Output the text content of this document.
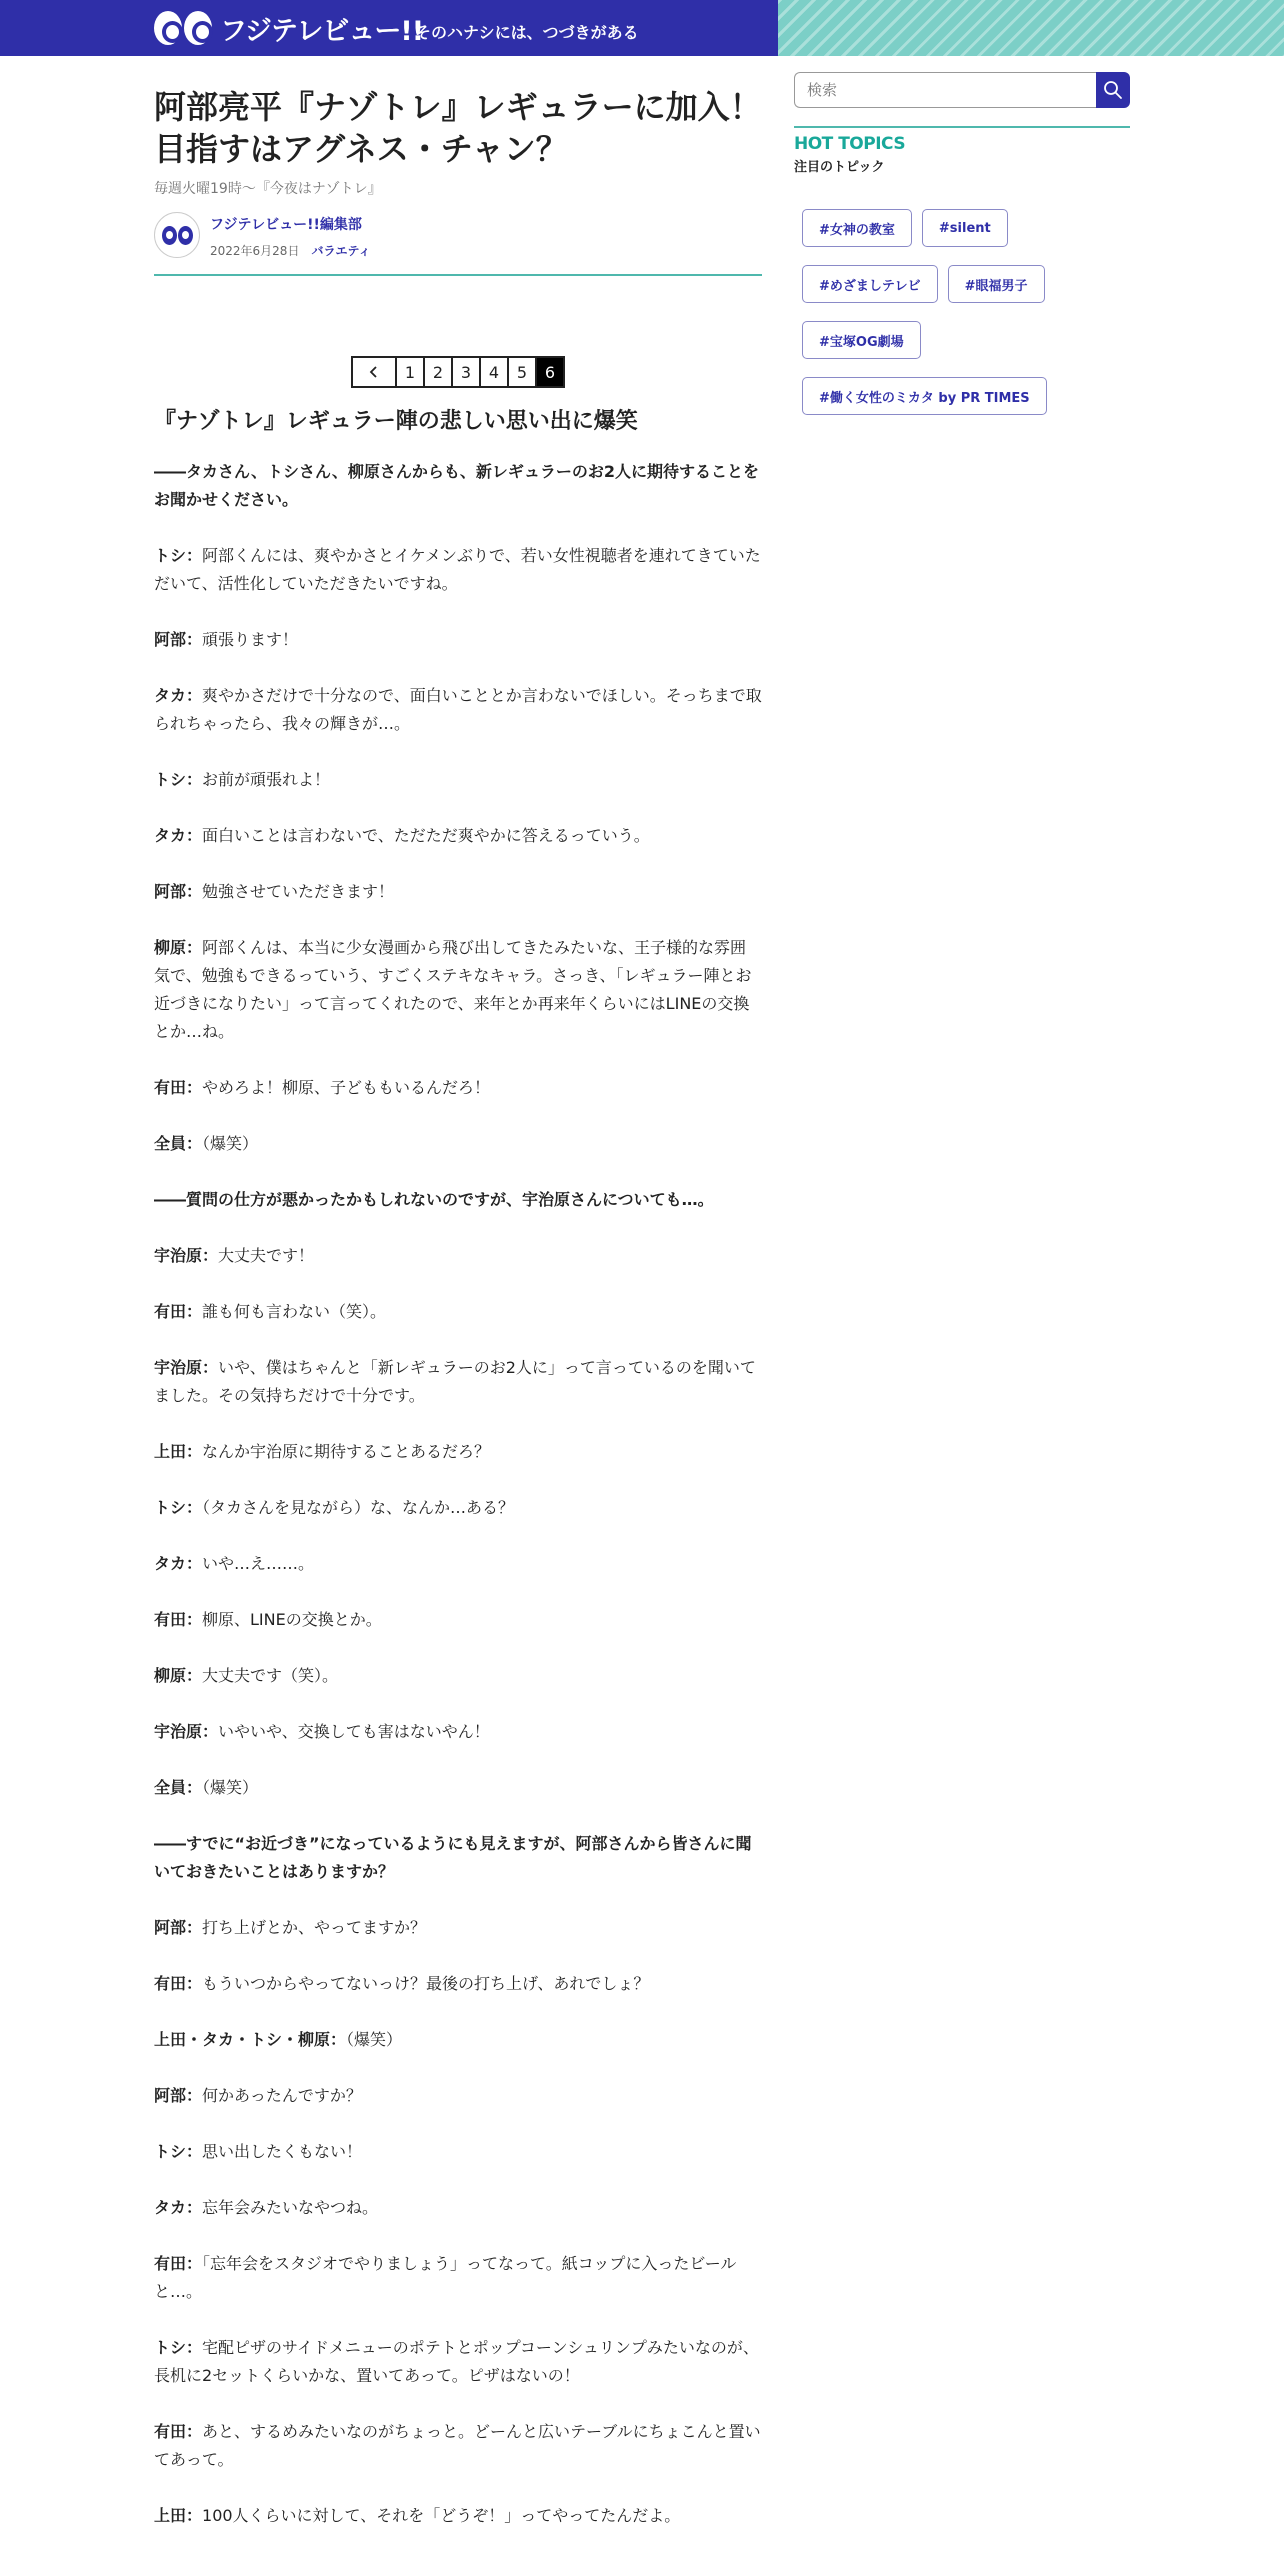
フジテレビュー!!
そのハナシには、つづきがある
阿部亮平『ナゾトレ』レギュラーに加入！目指すはアグネス・チャン？
毎週火曜19時～『今夜はナゾトレ』
フジテレビュー!!編集部
2022年6月28日 バラエティ
1	2	3	4	5	6
『ナゾトレ』レギュラー陣の悲しい思い出に爆笑

――タカさん、トシさん、柳原さんからも、新レギュラーのお2人に期待することをお聞かせください。

トシ：阿部くんには、爽やかさとイケメンぶりで、若い女性視聴者を連れてきていただいて、活性化していただきたいですね。

阿部：頑張ります！

タカ：爽やかさだけで十分なので、面白いこととか言わないでほしい。そっちまで取られちゃったら、我々の輝きが…。

トシ：お前が頑張れよ！

タカ：面白いことは言わないで、ただただ爽やかに答えるっていう。

阿部：勉強させていただきます！

柳原：阿部くんは、本当に少女漫画から飛び出してきたみたいな、王子様的な雰囲気で、勉強もできるっていう、すごくステキなキャラ。さっき、「レギュラー陣とお近づきになりたい」って言ってくれたので、来年とか再来年くらいにはLINEの交換とか…ね。

有田：やめろよ！柳原、子どももいるんだろ！

全員：（爆笑）

――質問の仕方が悪かったかもしれないのですが、宇治原さんについても…。

宇治原：大丈夫です！

有田：誰も何も言わない（笑）。

宇治原：いや、僕はちゃんと「新レギュラーのお2人に」って言っているのを聞いてました。その気持ちだけで十分です。

上田：なんか宇治原に期待することあるだろ？

トシ：（タカさんを見ながら）な、なんか…ある？

タカ：いや…え……。

有田：柳原、LINEの交換とか。

柳原：大丈夫です（笑）。

宇治原：いやいや、交換しても害はないやん！

全員：（爆笑）

――すでに“お近づき”になっているようにも見えますが、阿部さんから皆さんに聞いておきたいことはありますか？

阿部：打ち上げとか、やってますか？

有田：もういつからやってないっけ？最後の打ち上げ、あれでしょ？

上田・タカ・トシ・柳原：（爆笑）

阿部：何かあったんですか？

トシ：思い出したくもない！

タカ：忘年会みたいなやつね。

有田：「忘年会をスタジオでやりましょう」ってなって。紙コップに入ったビールと…。

トシ：宅配ピザのサイドメニューのポテトとポップコーンシュリンプみたいなのが、長机に2セットくらいかな、置いてあって。ピザはないの！

有田：あと、するめみたいなのがちょっと。どーんと広いテーブルにちょこんと置いてあって。

上田：100人くらいに対して、それを「どうぞ！」ってやってたんだよ。

検索
HOT TOPICS
注目のトピック
#女神の教室	#silent
#めざましテレビ	#眼福男子
#宝塚OG劇場
#働く女性のミカタ by PR TIMES
